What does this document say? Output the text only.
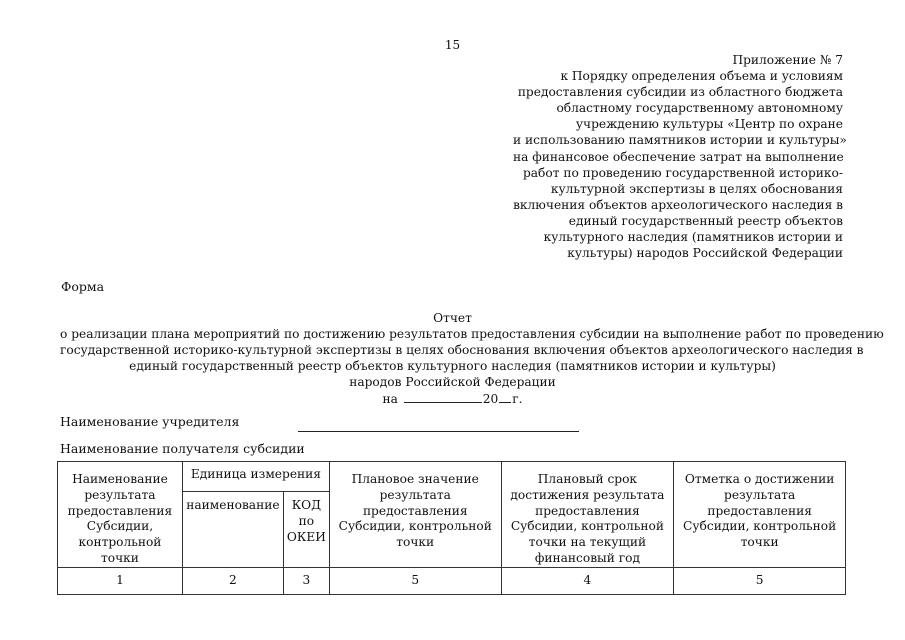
15
Приложение № 7
к Порядку определения объема и условиям
предоставления субсидии из областного бюджета
областному государственному автономному
учреждению культуры «Центр по охране
и использованию памятников истории и культуры»
на финансовое обеспечение затрат на выполнение
работ по проведению государственной историко-
культурной экспертизы в целях обоснования
включения объектов археологического наследия в
единый государственный реестр объектов
культурного наследия (памятников истории и
культуры) народов Российской Федерации
Форма
Отчет
о реализации плана мероприятий по достижению результатов предоставления субсидии на выполнение работ по проведению
государственной историко-культурной экспертизы в целях обоснования включения объектов археологического наследия в
единый государственный реестр объектов культурного наследия (памятников истории и культуры)
народов Российской Федерации
на	20 г.
Наименование учредителя
Наименование получателя субсидии
Наименование результата предоставления Субсидии, контрольной точки	Единица измерения		Плановое значение результата предоставления Субсидии, контрольной точки	Плановый срок достижения результата предоставления Субсидии, контрольной точки на текущий финансовый год	Отметка о достижении результата предоставления Субсидии, контрольной точки
	наименование	КОД по ОКЕИ			
1	2	3	5	4	5
